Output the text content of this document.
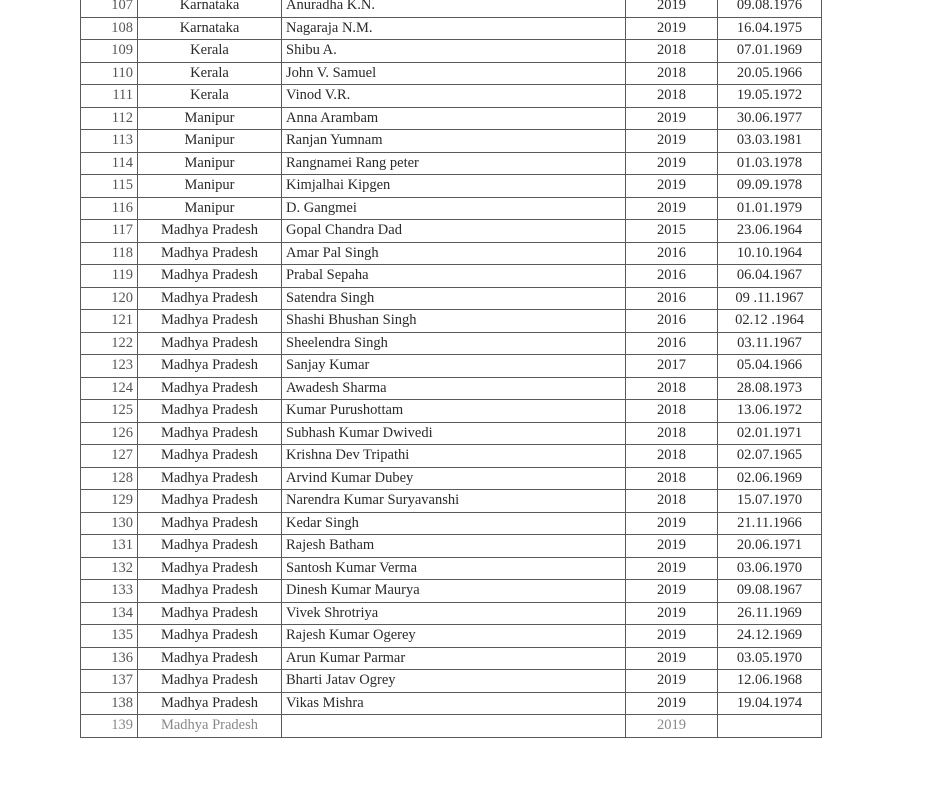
107	Karnataka	Anuradha K.N.	2019	09.08.1976
108	Karnataka	Nagaraja N.M.	2019	16.04.1975
109	Kerala	Shibu A.	2018	07.01.1969
110	Kerala	John V. Samuel	2018	20.05.1966
111	Kerala	Vinod V.R.	2018	19.05.1972
112	Manipur	Anna Arambam	2019	30.06.1977
113	Manipur	Ranjan Yumnam	2019	03.03.1981
114	Manipur	Rangnamei Rang peter	2019	01.03.1978
115	Manipur	Kimjalhai Kipgen	2019	09.09.1978
116	Manipur	D. Gangmei	2019	01.01.1979
117	Madhya Pradesh	Gopal Chandra Dad	2015	23.06.1964
118	Madhya Pradesh	Amar Pal Singh	2016	10.10.1964
119	Madhya Pradesh	Prabal Sepaha	2016	06.04.1967
120	Madhya Pradesh	Satendra Singh	2016	09 .11.1967
121	Madhya Pradesh	Shashi Bhushan Singh	2016	02.12 .1964
122	Madhya Pradesh	Sheelendra Singh	2016	03.11.1967
123	Madhya Pradesh	Sanjay Kumar	2017	05.04.1966
124	Madhya Pradesh	Awadesh Sharma	2018	28.08.1973
125	Madhya Pradesh	Kumar Purushottam	2018	13.06.1972
126	Madhya Pradesh	Subhash Kumar Dwivedi	2018	02.01.1971
127	Madhya Pradesh	Krishna Dev Tripathi	2018	02.07.1965
128	Madhya Pradesh	Arvind Kumar Dubey	2018	02.06.1969
129	Madhya Pradesh	Narendra Kumar Suryavanshi	2018	15.07.1970
130	Madhya Pradesh	Kedar Singh	2019	21.11.1966
131	Madhya Pradesh	Rajesh Batham	2019	20.06.1971
132	Madhya Pradesh	Santosh Kumar Verma	2019	03.06.1970
133	Madhya Pradesh	Dinesh Kumar Maurya	2019	09.08.1967
134	Madhya Pradesh	Vivek Shrotriya	2019	26.11.1969
135	Madhya Pradesh	Rajesh Kumar Ogerey	2019	24.12.1969
136	Madhya Pradesh	Arun Kumar Parmar	2019	03.05.1970
137	Madhya Pradesh	Bharti Jatav Ogrey	2019	12.06.1968
138	Madhya Pradesh	Vikas Mishra	2019	19.04.1974
139	Madhya Pradesh		2019	
